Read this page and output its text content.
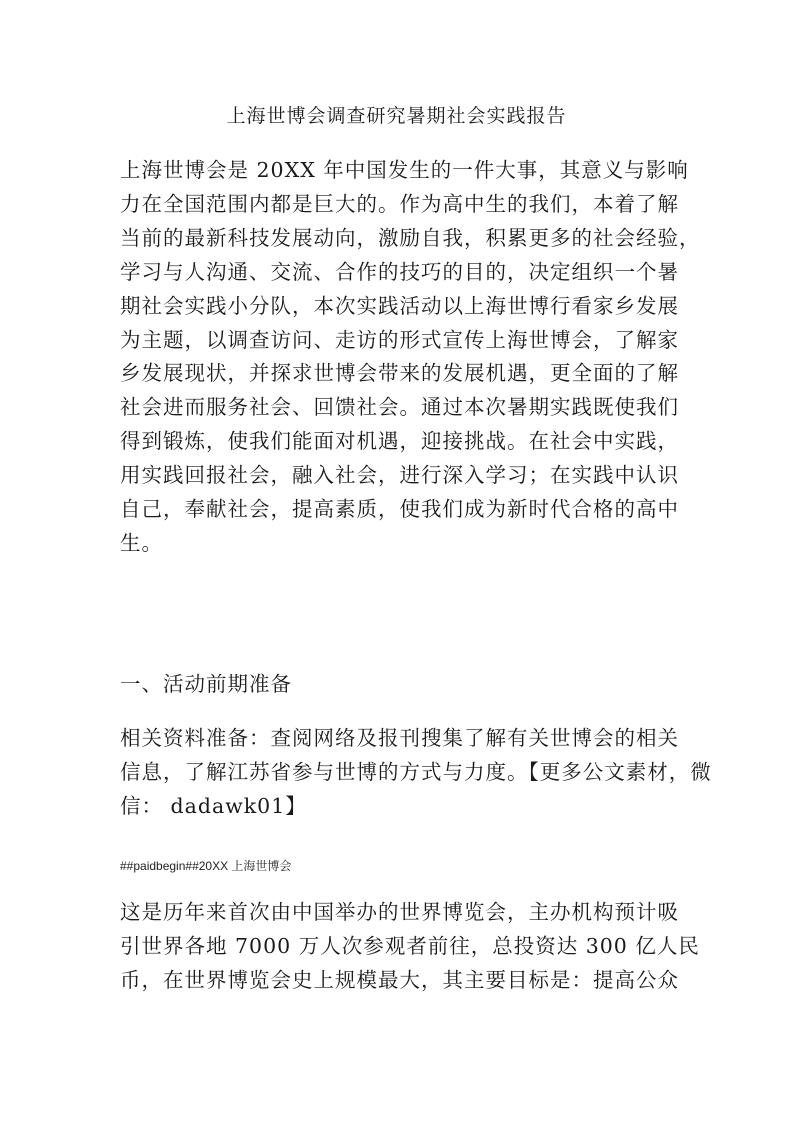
上海世博会调查研究暑期社会实践报告
上海世博会是 20XX 年中国发生的一件大事，其意义与影响
力在全国范围内都是巨大的。作为高中生的我们，本着了解
当前的最新科技发展动向，激励自我，积累更多的社会经验，
学习与人沟通、交流、合作的技巧的目的，决定组织一个暑
期社会实践小分队，本次实践活动以上海世博行看家乡发展
为主题，以调查访问、走访的形式宣传上海世博会，了解家
乡发展现状，并探求世博会带来的发展机遇，更全面的了解
社会进而服务社会、回馈社会。通过本次暑期实践既使我们
得到锻炼，使我们能面对机遇，迎接挑战。在社会中实践，
用实践回报社会，融入社会，进行深入学习；在实践中认识
自己，奉献社会，提高素质，使我们成为新时代合格的高中
生。
一、活动前期准备
相关资料准备：查阅网络及报刊搜集了解有关世博会的相关
信息，了解江苏省参与世博的方式与力度。【更多公文素材，微
信： dadawk01】
##paidbegin##20XX 上海世博会
这是历年来首次由中国举办的世界博览会，主办机构预计吸
引世界各地 7000 万人次参观者前往，总投资达 300 亿人民
币，在世界博览会史上规模最大，其主要目标是：提高公众
